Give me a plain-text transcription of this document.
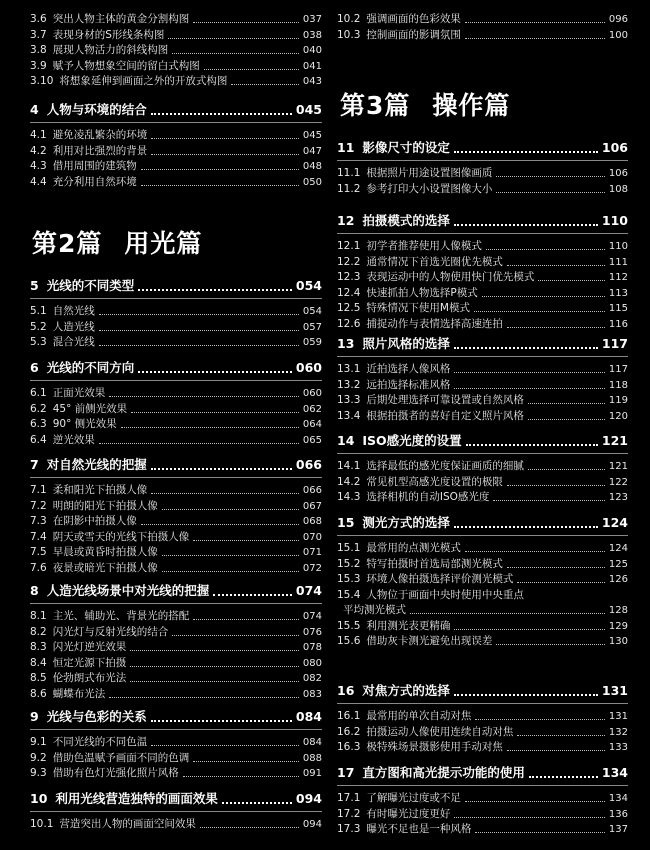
3.6 突出人物主体的黄金分割构图	037
3.7 表现身材的S形线条构图	038
3.8 展现人物活力的斜线构图	040
3.9 赋予人物想象空间的留白式构图	041
3.10 将想象延伸到画面之外的开放式构图	043
4 人物与环境的结合	045
4.1 避免凌乱繁杂的环境	045
4.2 利用对比强烈的背景	047
4.3 借用周围的建筑物	048
4.4 充分利用自然环境	050
第2篇 用光篇
5 光线的不同类型	054
5.1 自然光线	054
5.2 人造光线	057
5.3 混合光线	059
6 光线的不同方向	060
6.1 正面光效果	060
6.2 45° 前侧光效果	062
6.3 90° 侧光效果	064
6.4 逆光效果	065
7 对自然光线的把握	066
7.1 柔和阳光下拍摄人像	066
7.2 明朗的阳光下拍摄人像	067
7.3 在阴影中拍摄人像	068
7.4 阴天或雪天的光线下拍摄人像	070
7.5 早晨或黄昏时拍摄人像	071
7.6 夜景或暗光下拍摄人像	072
8 人造光线场景中对光线的把握	074
8.1 主光、辅助光、背景光的搭配	074
8.2 闪光灯与反射光线的结合	076
8.3 闪光灯逆光效果	078
8.4 恒定光源下拍摄	080
8.5 伦勃朗式布光法	082
8.6 蝴蝶布光法	083
9 光线与色彩的关系	084
9.1 不同光线的不同色温	084
9.2 借助色温赋予画面不同的色调	088
9.3 借助有色灯光强化照片风格	091
10 利用光线营造独特的画面效果	094
10.1 营造突出人物的画面空间效果	094
10.2 强调画面的色彩效果	096
10.3 控制画面的影调氛围	100
第3篇 操作篇
11 影像尺寸的设定	106
11.1 根据照片用途设置图像画质	106
11.2 参考打印大小设置图像大小	108
12 拍摄模式的选择	110
12.1 初学者推荐使用人像模式	110
12.2 通常情况下首选光圈优先模式	111
12.3 表现运动中的人物使用快门优先模式	112
12.4 快速抓拍人物选择P模式	113
12.5 特殊情况下使用M模式	115
12.6 捕捉动作与表情选择高速连拍	116
13 照片风格的选择	117
13.1 近拍选择人像风格	117
13.2 远拍选择标准风格	118
13.3 后期处理选择可靠设置或自然风格	119
13.4 根据拍摄者的喜好自定义照片风格	120
14 ISO感光度的设置	121
14.1 选择最低的感光度保证画质的细腻	121
14.2 常见机型高感光度设置的极限	122
14.3 选择相机的自动ISO感光度	123
15 测光方式的选择	124
15.1 最常用的点测光模式	124
15.2 特写拍摄时首选局部测光模式	125
15.3 环境人像拍摄选择评价测光模式	126
15.4 人物位于画面中央时使用中央重点
平均测光模式	128
15.5 利用测光表更精确	129
15.6 借助灰卡测光避免出现误差	130
16 对焦方式的选择	131
16.1 最常用的单次自动对焦	131
16.2 拍摄运动人像使用连续自动对焦	132
16.3 极特殊场景摄影使用手动对焦	133
17 直方图和高光提示功能的使用	134
17.1 了解曝光过度或不足	134
17.2 有时曝光过度更好	136
17.3 曝光不足也是一种风格	137
